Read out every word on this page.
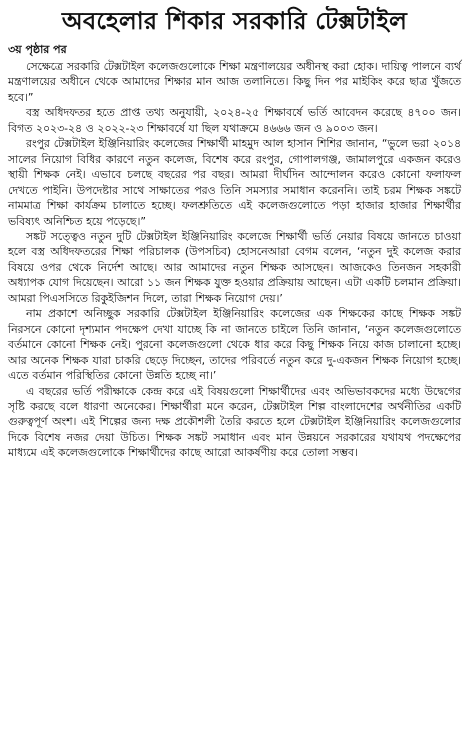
অবহেলার শিকার সরকারি টেক্সটাইল
৩য় পৃষ্ঠার পর

সেক্ষেত্রে সরকারি টেক্সটাইল কলেজগুলোকে শিক্ষা মন্ত্রণালয়ের অধীনস্থ করা হোক। দায়িত্ব পালনে ব্যর্থ মন্ত্রণালয়ের অধীনে থেকে আমাদের শিক্ষার মান আজ তলানিতে। কিছু দিন পর মাইকিং করে ছাত্র খুঁজতে হবে।”

বস্ত্র অধিদফতর হতে প্রাপ্ত তথ্য অনুযায়ী, ২০২৪-২৫ শিক্ষাবর্ষে ভর্তি আবেদন করেছে ৪৭০০ জন। বিগত ২০২৩-২৪ ও ২০২২-২৩ শিক্ষাবর্ষে যা ছিল যথাক্রমে ৪৬৬৬ জন ও ৯০০৩ জন।

রংপুর টেক্সটাইল ইঞ্জিনিয়ারিং কলেজের শিক্ষার্থী মাহমুদ আল হাসান শিশির জানান, “ভুলে ভরা ২০১৪ সালের নিয়োগ বিধির কারণে নতুন কলেজ, বিশেষ করে রংপুর, গোপালগঞ্জ, জামালপুরে একজন করেও স্থায়ী শিক্ষক নেই। এভাবে চলছে বছরের পর বছর। আমরা দীর্ঘদিন আন্দোলন করেও কোনো ফলাফল দেখতে পাইনি। উপদেষ্টার সাথে সাক্ষাতের পরও তিনি সমস্যার সমাধান করেননি। তাই চরম শিক্ষক সঙ্কটে নামমাত্র শিক্ষা কার্যক্রম চালাতে হচ্ছে। ফলশ্রুতিতে এই কলেজগুলোতে পড়া হাজার হাজার শিক্ষার্থীর ভবিষ্যৎ অনিশ্চিত হয়ে পড়েছে।”

সঙ্কট সত্ত্বেও নতুন দুটি টেক্সটাইল ইঞ্জিনিয়ারিং কলেজে শিক্ষার্থী ভর্তি নেয়ার বিষয়ে জানতে চাওয়া হলে বস্ত্র অধিদফতরের শিক্ষা পরিচালক (উপসচিব) হোসনেআরা বেগম বলেন, ‘নতুন দুই কলেজ করার বিষয়ে ওপর থেকে নির্দেশ আছে। আর আমাদের নতুন শিক্ষক আসছেন। আজকেও তিনজন সহকারী অধ্যাপক যোগ দিয়েছেন। আরো ১১ জন শিক্ষক যুক্ত হওয়ার প্রক্রিয়ায় আছেন। এটা একটি চলমান প্রক্রিয়া। আমরা পিএসসিতে রিকুইজিশন দিলে, তারা শিক্ষক নিয়োগ দেয়।’

নাম প্রকাশে অনিচ্ছুক সরকারি টেক্সটাইল ইঞ্জিনিয়ারিং কলেজের এক শিক্ষকের কাছে শিক্ষক সঙ্কট নিরসনে কোনো দৃশ্যমান পদক্ষেপ দেখা যাচ্ছে কি না জানতে চাইলে তিনি জানান, ‘নতুন কলেজগুলোতে বর্তমানে কোনো শিক্ষক নেই। পুরনো কলেজগুলো থেকে ধার করে কিছু শিক্ষক নিয়ে কাজ চালানো হচ্ছে। আর অনেক শিক্ষক যারা চাকরি ছেড়ে দিচ্ছেন, তাদের পরিবর্তে নতুন করে দু-একজন শিক্ষক নিয়োগ হচ্ছে। এতে বর্তমান পরিস্থিতির কোনো উন্নতি হচ্ছে না।’

এ বছরের ভর্তি পরীক্ষাকে কেন্দ্র করে এই বিষয়গুলো শিক্ষার্থীদের এবং অভিভাবকদের মধ্যে উদ্বেগের সৃষ্টি করছে বলে ধারণা অনেকের। শিক্ষার্থীরা মনে করেন, টেক্সটাইল শিল্প বাংলাদেশের অর্থনীতির একটি গুরুত্বপূর্ণ অংশ। এই শিল্পের জন্য দক্ষ প্রকৌশলী তৈরি করতে হলে টেক্সটাইল ইঞ্জিনিয়ারিং কলেজগুলোর দিকে বিশেষ নজর দেয়া উচিত। শিক্ষক সঙ্কট সমাধান এবং মান উন্নয়নে সরকারের যথাযথ পদক্ষেপের মাধ্যমে এই কলেজগুলোকে শিক্ষার্থীদের কাছে আরো আকর্ষণীয় করে তোলা সম্ভব।
